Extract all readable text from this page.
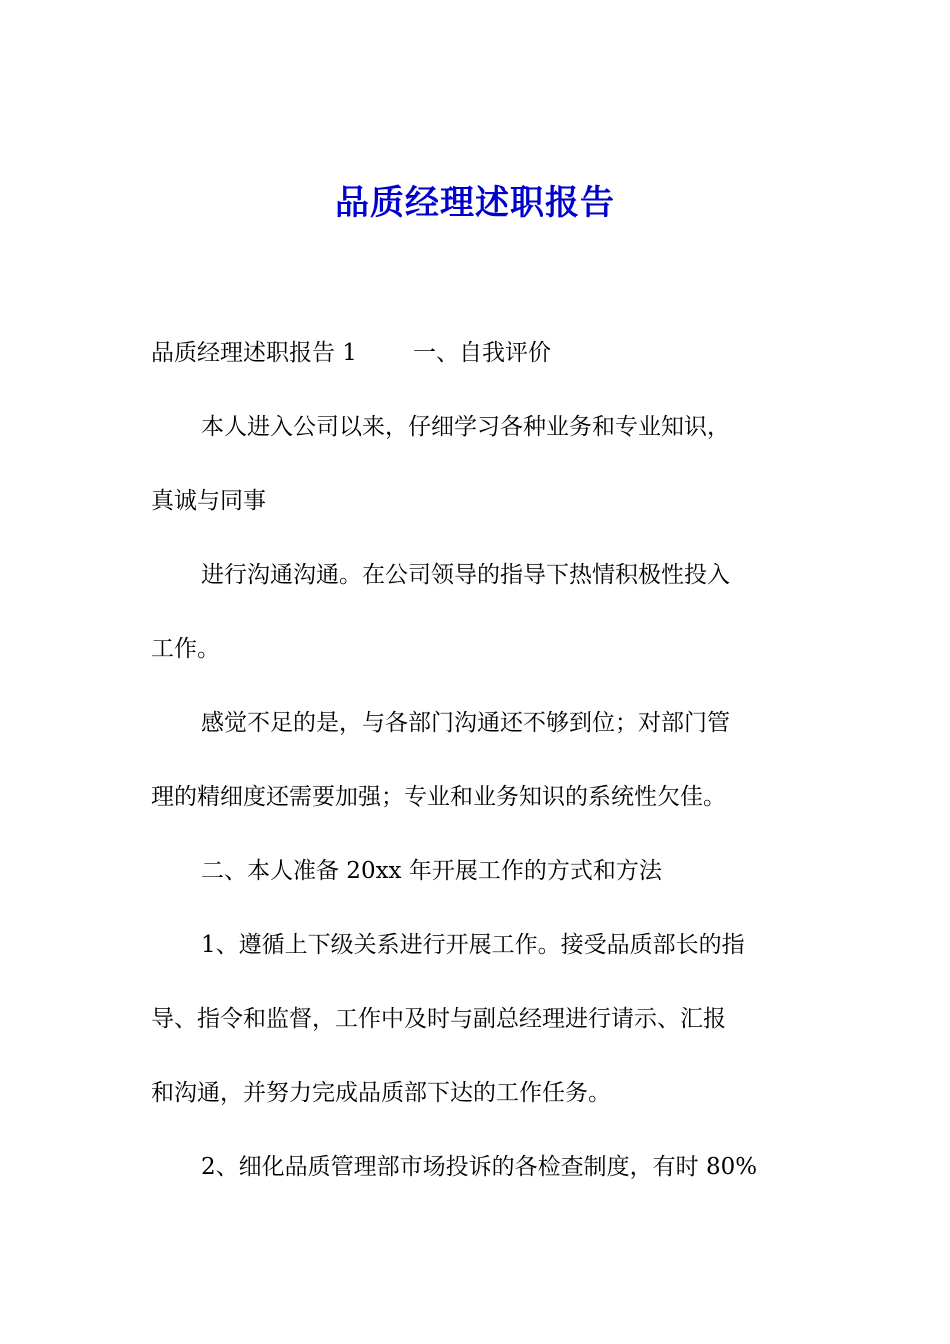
品质经理述职报告
品质经理述职报告 1 一、自我评价
本人进入公司以来，仔细学习各种业务和专业知识，
真诚与同事
进行沟通沟通。在公司领导的指导下热情积极性投入
工作。
感觉不足的是，与各部门沟通还不够到位；对部门管
理的精细度还需要加强；专业和业务知识的系统性欠佳。
二、本人准备 20xx 年开展工作的方式和方法
1、遵循上下级关系进行开展工作。接受品质部长的指
导、指令和监督，工作中及时与副总经理进行请示、汇报
和沟通，并努力完成品质部下达的工作任务。
2、细化品质管理部市场投诉的各检查制度，有时 80%
